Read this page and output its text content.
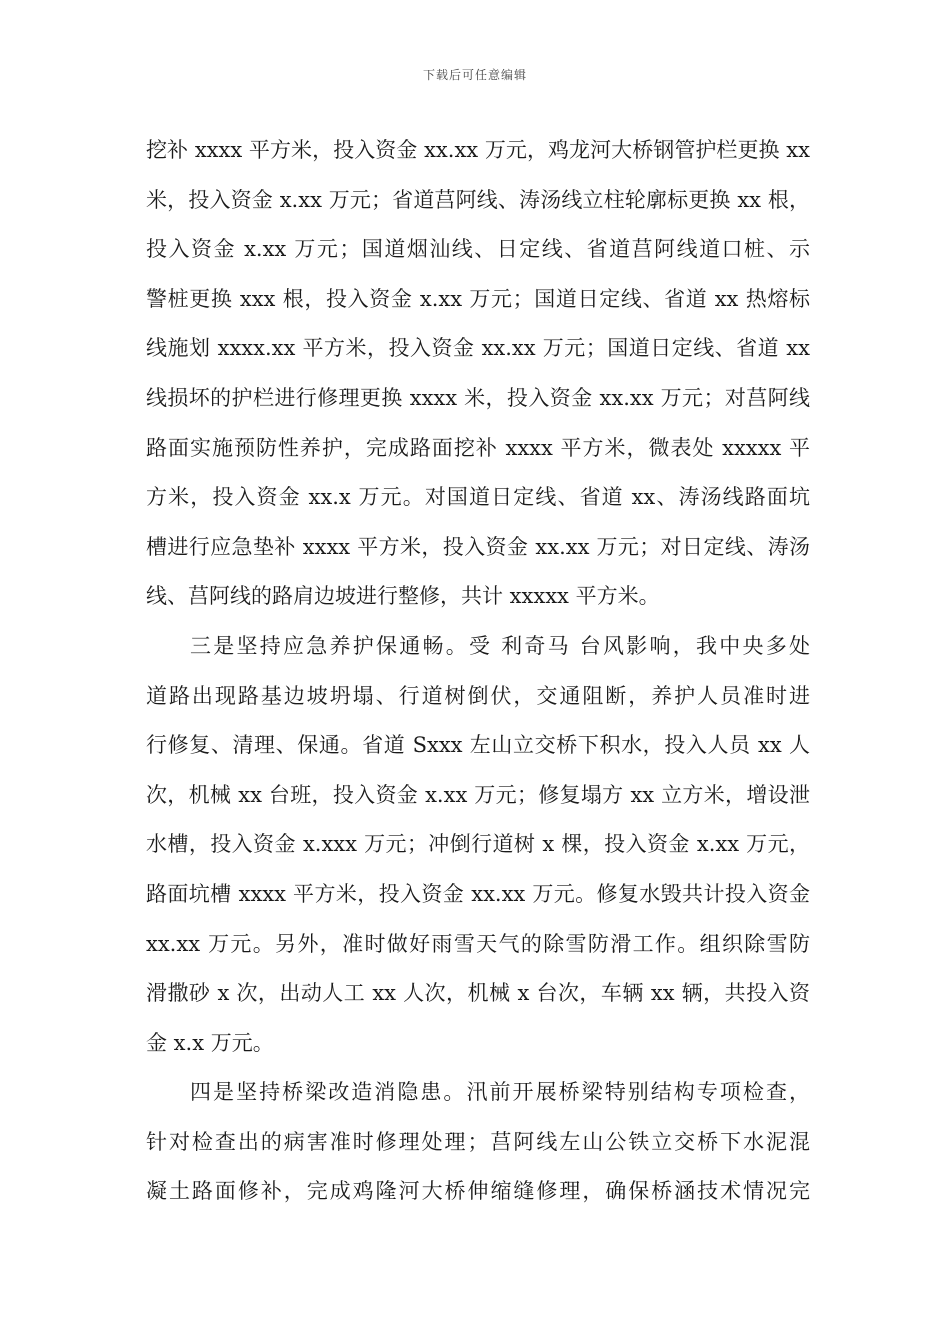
下载后可任意编辑
挖补 xxxx 平方米，投入资金 xx.xx 万元，鸡龙河大桥钢管护栏更换 xx
米，投入资金 x.xx 万元；省道莒阿线、涛汤线立柱轮廓标更换 xx 根，
投入资金 x.xx 万元；国道烟汕线、日定线、省道莒阿线道口桩、示
警桩更换 xxx 根，投入资金 x.xx 万元；国道日定线、省道 xx 热熔标
线施划 xxxx.xx 平方米，投入资金 xx.xx 万元；国道日定线、省道 xx
线损坏的护栏进行修理更换 xxxx 米，投入资金 xx.xx 万元；对莒阿线
路面实施预防性养护，完成路面挖补 xxxx 平方米，微表处 xxxxx 平
方米，投入资金 xx.x 万元。对国道日定线、省道 xx、涛汤线路面坑
槽进行应急垫补 xxxx 平方米，投入资金 xx.xx 万元；对日定线、涛汤
线、莒阿线的路肩边坡进行整修，共计 xxxxx 平方米。
三是坚持应急养护保通畅。受 利奇马 台风影响，我中央多处
道路出现路基边坡坍塌、行道树倒伏，交通阻断，养护人员准时进
行修复、清理、保通。省道 Sxxx 左山立交桥下积水，投入人员 xx 人
次，机械 xx 台班，投入资金 x.xx 万元；修复塌方 xx 立方米，增设泄
水槽，投入资金 x.xxx 万元；冲倒行道树 x 棵，投入资金 x.xx 万元，
路面坑槽 xxxx 平方米，投入资金 xx.xx 万元。修复水毁共计投入资金
xx.xx 万元。另外，准时做好雨雪天气的除雪防滑工作。组织除雪防
滑撒砂 x 次，出动人工 xx 人次，机械 x 台次，车辆 xx 辆，共投入资
金 x.x 万元。
四是坚持桥梁改造消隐患。汛前开展桥梁特别结构专项检查，
针对检查出的病害准时修理处理；莒阿线左山公铁立交桥下水泥混
凝土路面修补，完成鸡隆河大桥伸缩缝修理，确保桥涵技术情况完
